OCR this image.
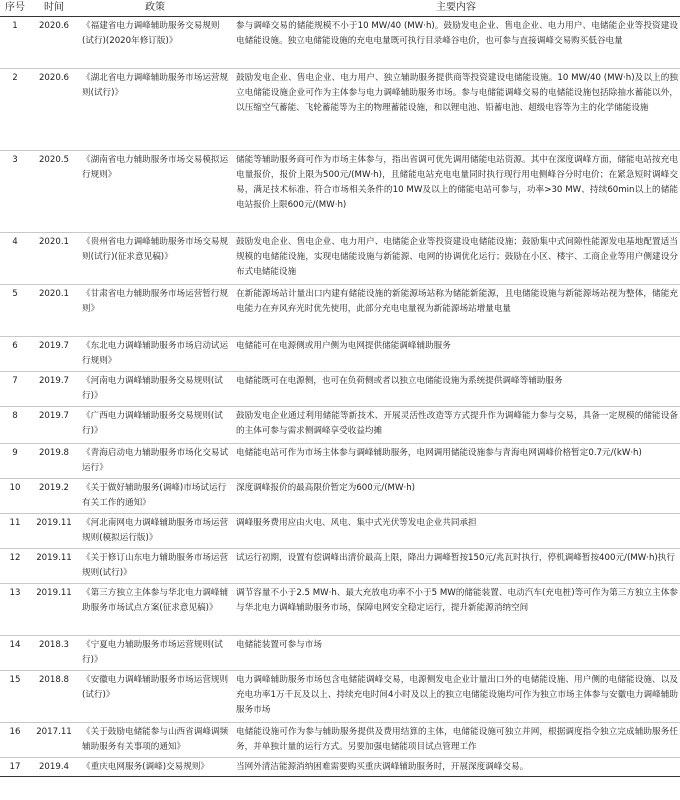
序号	时间	政策	主要内容
1	2020.6	《福建省电力调峰辅助服务交易规则(试行)(2020年修订版)》	参与调峰交易的储能规模不小于10 MW/40 (MW·h)。鼓励发电企业、售电企业、电力用户、电储能企业等投资建设电储能设施。独立电储能设施的充电电量既可执行目录峰谷电价，也可参与直接调峰交易购买低谷电量
2	2020.6	《湖北省电力调峰辅助服务市场运营规则(试行)》	鼓励发电企业、售电企业、电力用户、独立辅助服务提供商等投资建设电储能设施。10 MW/40 (MW·h)及以上的独立电储能设施企业可作为主体参与电力调峰辅助服务市场。参与电储能调峰交易的电储能设施包括除抽水蓄能以外，以压缩空气蓄能、飞轮蓄能等为主的物理蓄能设施，和以锂电池、铅蓄电池、超级电容等为主的化学储能设施
3	2020.5	《湖南省电力辅助服务市场交易模拟运行规则》	储能等辅助服务商可作为市场主体参与，指出省调可优先调用储能电站资源。其中在深度调峰方面，储能电站按充电电量报价，报价上限为500元/(MW·h)，且储能电站充电电量同时执行现行用电侧峰谷分时电价；在紧急短时调峰交易，满足技术标准、符合市场相关条件的10 MW及以上的储能电站可参与，功率>30 MW、持续60min以上的储能电站报价上限600元/(MW·h)
4	2020.1	《贵州省电力调峰辅助服务市场交易规则(试行)(征求意见稿)》	鼓励发电企业、售电企业、电力用户、电储能企业等投资建设电储能设施；鼓励集中式间隙性能源发电基地配置适当规模的电储能设施，实现电储能设施与新能源、电网的协调优化运行；鼓励在小区、楼宇、工商企业等用户侧建设分布式电储能设施
5	2020.1	《甘肃省电力辅助服务市场运营暂行规则》	在新能源场站计量出口内建有储能设施的新能源场站称为储能新能源，且电储能设施与新能源场站视为整体，储能充电能力在弃风弃光时优先使用，此部分充电电量视为新能源场站增量电量
6	2019.7	《东北电力调峰辅助服务市场启动试运行规则》	电储能可在电源侧或用户侧为电网提供储能调峰辅助服务
7	2019.7	《河南电力调峰辅助服务交易规则(试行)》	电储能既可在电源侧，也可在负荷侧或者以独立电储能设施为系统提供调峰等辅助服务
8	2019.7	《广西电力调峰辅助服务交易规则(试行)》	鼓励发电企业通过利用储能等新技术、开展灵活性改造等方式提升作为调峰能力参与交易，具备一定规模的储能设备的主体可参与需求侧调峰享受收益均摊
9	2019.8	《青海启动电力辅助服务市场化交易试运行》	电储能电站可作为市场主体参与调峰辅助服务，电网调用储能设施参与青海电网调峰价格暂定0.7元/(kW·h)
10	2019.2	《关于做好辅助服务(调峰)市场试运行有关工作的通知》	深度调峰报价的最高限价暂定为600元/(MW·h)
11	2019.11	《河北南网电力调峰辅助服务市场运营规则(模拟运行版)》	调峰服务费用应由火电、风电、集中式光伏等发电企业共同承担
12	2019.11	《关于修订山东电力辅助服务市场运营规则(试行)》	试运行初期，设置有偿调峰出清价最高上限，降出力调峰暂按150元/兆瓦时执行，停机调峰暂按400元/(MW·h)执行
13	2019.11	《第三方独立主体参与华北电力调峰辅助服务市场试点方案(征求意见稿)》	调节容量不小于2.5 MW·h、最大充放电功率不小于5 MW的储能装置、电动汽车(充电桩)等可作为第三方独立主体参与华北电力调峰辅助服务市场，保障电网安全稳定运行，提升新能源消纳空间
14	2018.3	《宁夏电力辅助服务市场运营规则(试行)》	电储能装置可参与市场
15	2018.8	《安徽电力调峰辅助服务市场运营规则(试行)》	电力调峰辅助服务市场包含电储能调峰交易，电源侧发电企业计量出口外的电储能设施、用户侧的电储能设施、以及充电功率1万千瓦及以上、持续充电时间4小时及以上的独立电储能设施均可作为独立市场主体参与安徽电力调峰辅助服务市场
16	2017.11	《关于鼓励电储能参与山西省调峰调频辅助服务有关事项的通知》	电储能设施可作为参与辅助服务提供及费用结算的主体，电储能设施可独立并网，根据调度指令独立完成辅助服务任务，并单独计量的运行方式。另要加强电储能项目试点管理工作
17	2019.4	《重庆电网服务(调峰)交易规则》	当网外清洁能源消纳困难需要购买重庆调峰辅助服务时，开展深度调峰交易。
